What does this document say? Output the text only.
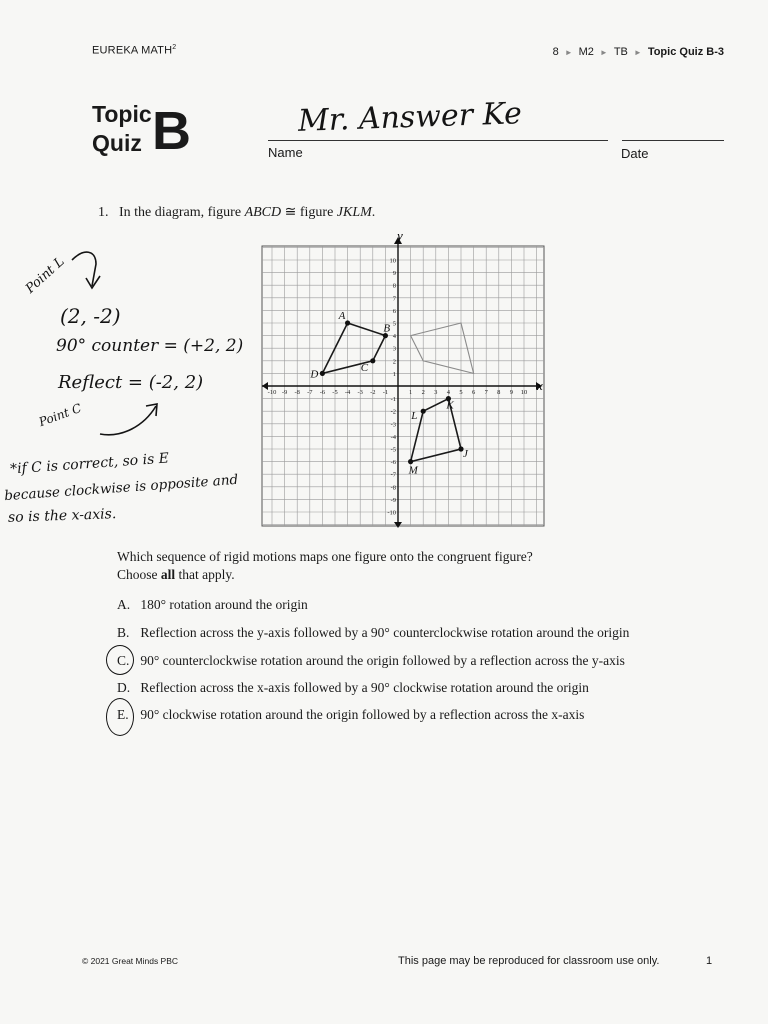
EUREKA MATH$^2$	8 ► M2 ► TB ► Topic Quiz B-3
Topic
Quiz B	Mr. Answer Ke
Name	Date
1. In the diagram, figure ABCD ≅ figure JKLM.
-10
-10
-9
-9
-8
-8
-7
-7
-6
-6
-5
-5
-4
-4
-3
-3
-2
-2
-1
-1
1
1
2
2
3
3
4
4
5
5
6
6
7
7
8
8
9
9
10
10
A
B
C
D
J
K
L
M
x
y
Point L
(2, -2)
90° counter = (+2, 2)
Reflect = (-2, 2)
Point C
*if C is correct, so is E
because clockwise is opposite and
so is the x-axis.
Which sequence of rigid motions maps one figure onto the congruent figure?
Choose all that apply.
A. 180° rotation around the origin
B. Reflection across the y-axis followed by a 90° counterclockwise rotation around the origin
C. 90° counterclockwise rotation around the origin followed by a reflection across the y-axis
D. Reflection across the x-axis followed by a 90° clockwise rotation around the origin
E. 90° clockwise rotation around the origin followed by a reflection across the x-axis
© 2021 Great Minds PBC	This page may be reproduced for classroom use only.	1
